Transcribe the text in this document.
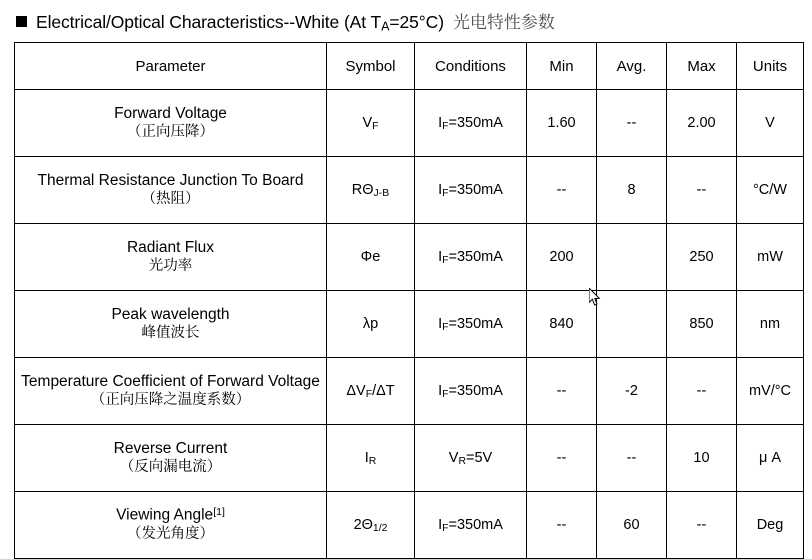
Electrical/Optical Characteristics--White (At TA=25°C) 光电特性参数
Parameter	Symbol	Conditions	Min	Avg.	Max	Units

Forward Voltage
（正向压降）	VF	IF=350mA	1.60	--	2.00	V

Thermal Resistance Junction To Board
（热阻）	RΘJ-B	IF=350mA	--	8	--	°C/W

Radiant Flux
光功率	Φe	IF=350mA	200		250	mW

Peak wavelength
峰值波长	λp	IF=350mA	840		850	nm

Temperature Coefficient of Forward Voltage
（正向压降之温度系数）	ΔVF/ΔT	IF=350mA	--	-2	--	mV/°C

Reverse Current
（反向漏电流）	IR	VR=5V	--	--	10	μ A

Viewing Angle[1]
（发光角度）	2Θ1/2	IF=350mA	--	60	--	Deg
